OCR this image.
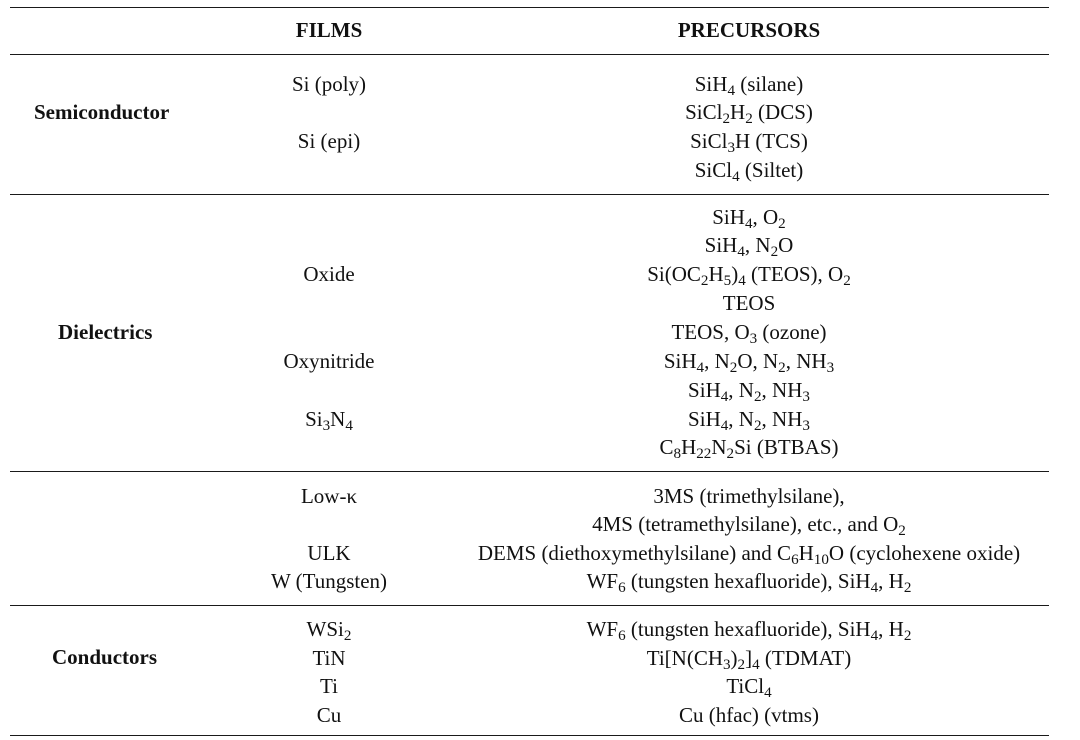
FILMS	PRECURSORS
Semiconductor
Dielectrics
Conductors
Si (poly)
Si (epi)
Oxide
Oxynitride
$Si_3N_4$
Low-κ
ULK
W (Tungsten)
WSi$_2$
TiN
Ti
Cu
SiH$_4$ (silane)
$SiCl_2H_2$ (DCS)
SiCl$_3$H (TCS)
SiCl$_4$ (Siltet)
SiH$_4$, $O_2$
SiH$_4$, $N_2O$
$Si(OC_2H_5)_4$ (TEOS), $O_2$
TEOS
TEOS, $O_3$ (ozone)
SiH$_4$, $N_2O$, $N_2$, $NH_3$
SiH$_4$, $N_2$, $NH_3$
SiH$_4$, $N_2$, $NH_3$
$C_8H_{22}N_2Si$ (BTBAS)
3MS (trimethylsilane),
4MS (tetramethylsilane), etc., and $O_2$
DEMS (diethoxymethylsilane) and $C_6H_{10}O$ (cyclohexene oxide)
$WF_6$ (tungsten hexafluoride), SiH$_4$, $H_2$
$WF_6$ (tungsten hexafluoride), SiH$_4$, $H_2$
$Ti[N(CH_3)_2]_4$ (TDMAT)
TiCl$_4$
Cu (hfac) (vtms)
